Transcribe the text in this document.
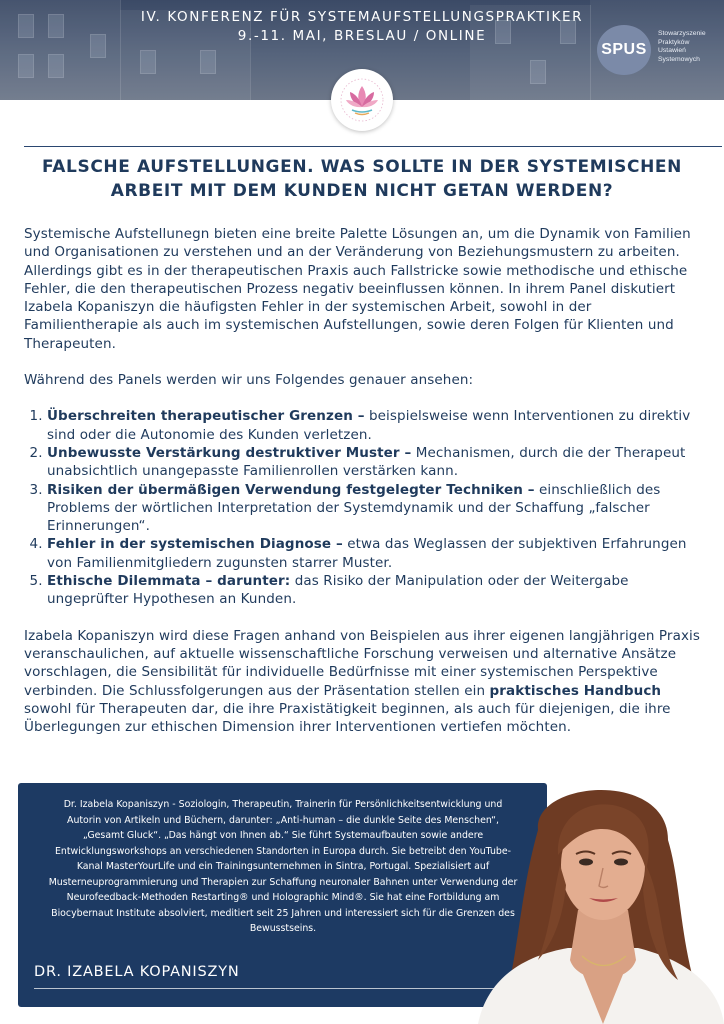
IV. KONFERENZ FÜR SYSTEMAUFSTELLUNGSPRAKTIKER
9.-11. MAI, BRESLAU / ONLINE
SPUS
Stowarzyszenie
Praktyków
Ustawień
Systemowych
FALSCHE AUFSTELLUNGEN. WAS SOLLTE IN DER SYSTEMISCHEN
ARBEIT MIT DEM KUNDEN NICHT GETAN WERDEN?

Systemische Aufstellunegn bieten eine breite Palette Lösungen an, um die Dynamik von Familien und Organisationen zu verstehen und an der Veränderung von Beziehungsmustern zu arbeiten. Allerdings gibt es in der therapeutischen Praxis auch Fallstricke sowie methodische und ethische Fehler, die den therapeutischen Prozess negativ beeinflussen können. In ihrem Panel diskutiert Izabela Kopaniszyn die häufigsten Fehler in der systemischen Arbeit, sowohl in der Familientherapie als auch im systemischen Aufstellungen, sowie deren Folgen für Klienten und Therapeuten.

Während des Panels werden wir uns Folgendes genauer ansehen:

1. Überschreiten therapeutischer Grenzen – beispielsweise wenn Interventionen zu direktiv sind oder die Autonomie des Kunden verletzen.
2. Unbewusste Verstärkung destruktiver Muster – Mechanismen, durch die der Therapeut unabsichtlich unangepasste Familienrollen verstärken kann.
3. Risiken der übermäßigen Verwendung festgelegter Techniken – einschließlich des Problems der wörtlichen Interpretation der Systemdynamik und der Schaffung „falscher Erinnerungen“.
4. Fehler in der systemischen Diagnose – etwa das Weglassen der subjektiven Erfahrungen von Familienmitgliedern zugunsten starrer Muster.
5. Ethische Dilemmata – darunter: das Risiko der Manipulation oder der Weitergabe ungeprüfter Hypothesen an Kunden.

Izabela Kopaniszyn wird diese Fragen anhand von Beispielen aus ihrer eigenen langjährigen Praxis veranschaulichen, auf aktuelle wissenschaftliche Forschung verweisen und alternative Ansätze vorschlagen, die Sensibilität für individuelle Bedürfnisse mit einer systemischen Perspektive verbinden. Die Schlussfolgerungen aus der Präsentation stellen ein praktisches Handbuch sowohl für Therapeuten dar, die ihre Praxistätigkeit beginnen, als auch für diejenigen, die ihre Überlegungen zur ethischen Dimension ihrer Interventionen vertiefen möchten.

Dr. Izabela Kopaniszyn - Soziologin, Therapeutin, Trainerin für Persönlichkeitsentwicklung und Autorin von Artikeln und Büchern, darunter: „Anti-human – die dunkle Seite des Menschen“, „Gesamt Gluck“. „Das hängt von Ihnen ab.“ Sie führt Systemaufbauten sowie andere Entwicklungsworkshops an verschiedenen Standorten in Europa durch. Sie betreibt den YouTube-Kanal MasterYourLife und ein Trainingsunternehmen in Sintra, Portugal. Spezialisiert auf Musterneuprogrammierung und Therapien zur Schaffung neuronaler Bahnen unter Verwendung der Neurofeedback-Methoden Restarting® und Holographic Mind®. Sie hat eine Fortbildung am Biocybernaut Institute absolviert, meditiert seit 25 Jahren und interessiert sich für die Grenzen des Bewusstseins.

DR. IZABELA KOPANISZYN
